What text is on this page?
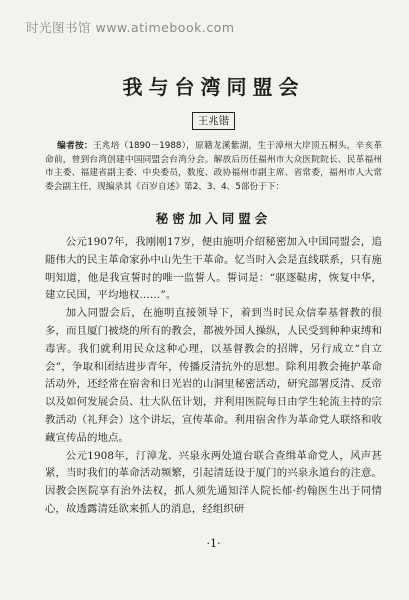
时光图书馆 www.atimebook.com
我与台湾同盟会
王兆锴
编者按：王兆培（1890－1988），原籍龙溪紫湖，生于漳州大岸顶五桐头，辛亥革命前，曾到台湾创建中国同盟会台湾分会。解放后历任福州市大众医院院长、民革福州市主委、福建省副主委、中央委员，数度、政协福州市副主席、省常委，福州市人大常委会副主任，现编录其《百岁自述》第2、3、4、5部份于下：
秘密加入同盟会

公元1907年，我刚刚17岁，便由施明介绍秘密加入中国同盟会，追随伟大的民主革命家孙中山先生干革命。忆当时入会是直线联系，只有施明知道，他是我宣誓时的唯一监誓人。誓词是：“驱逐鞑虏，恢复中华，建立民国，平均地权……”。

加入同盟会后，在施明直接领导下，着到当时民众信奉基督教的很多，而且厦门被烧的所有的教会，都被外国人操纵，人民受到种种束缚和毒害。我们就利用民众这种心理，以基督教会的招牌，另行成立“自立会”，争取和团结进步青年，传播反清抗外的思想。除利用教会掩护革命活动外，还经常在宿舍和日光岩的山洞里秘密活动，研究部署反清、反帝以及如何发展会员、壮大队伍计划，并利用医院每日由学生轮流主持的宗教活动（礼拜会）这个讲坛，宣传革命。利用宿舍作为革命党人联络和收藏宣传品的地点。

公元1908年，汀漳龙、兴泉永两处道台联合查缉革命党人，风声甚紧，当时我们的革命活动频繁，引起清廷设于厦门的兴泉永道台的注意。因教会医院享有治外法权，抓人须先通知洋人院长郁·约翰医生出于同情心，故透露清廷欲来抓人的消息，经组织研

·1·
